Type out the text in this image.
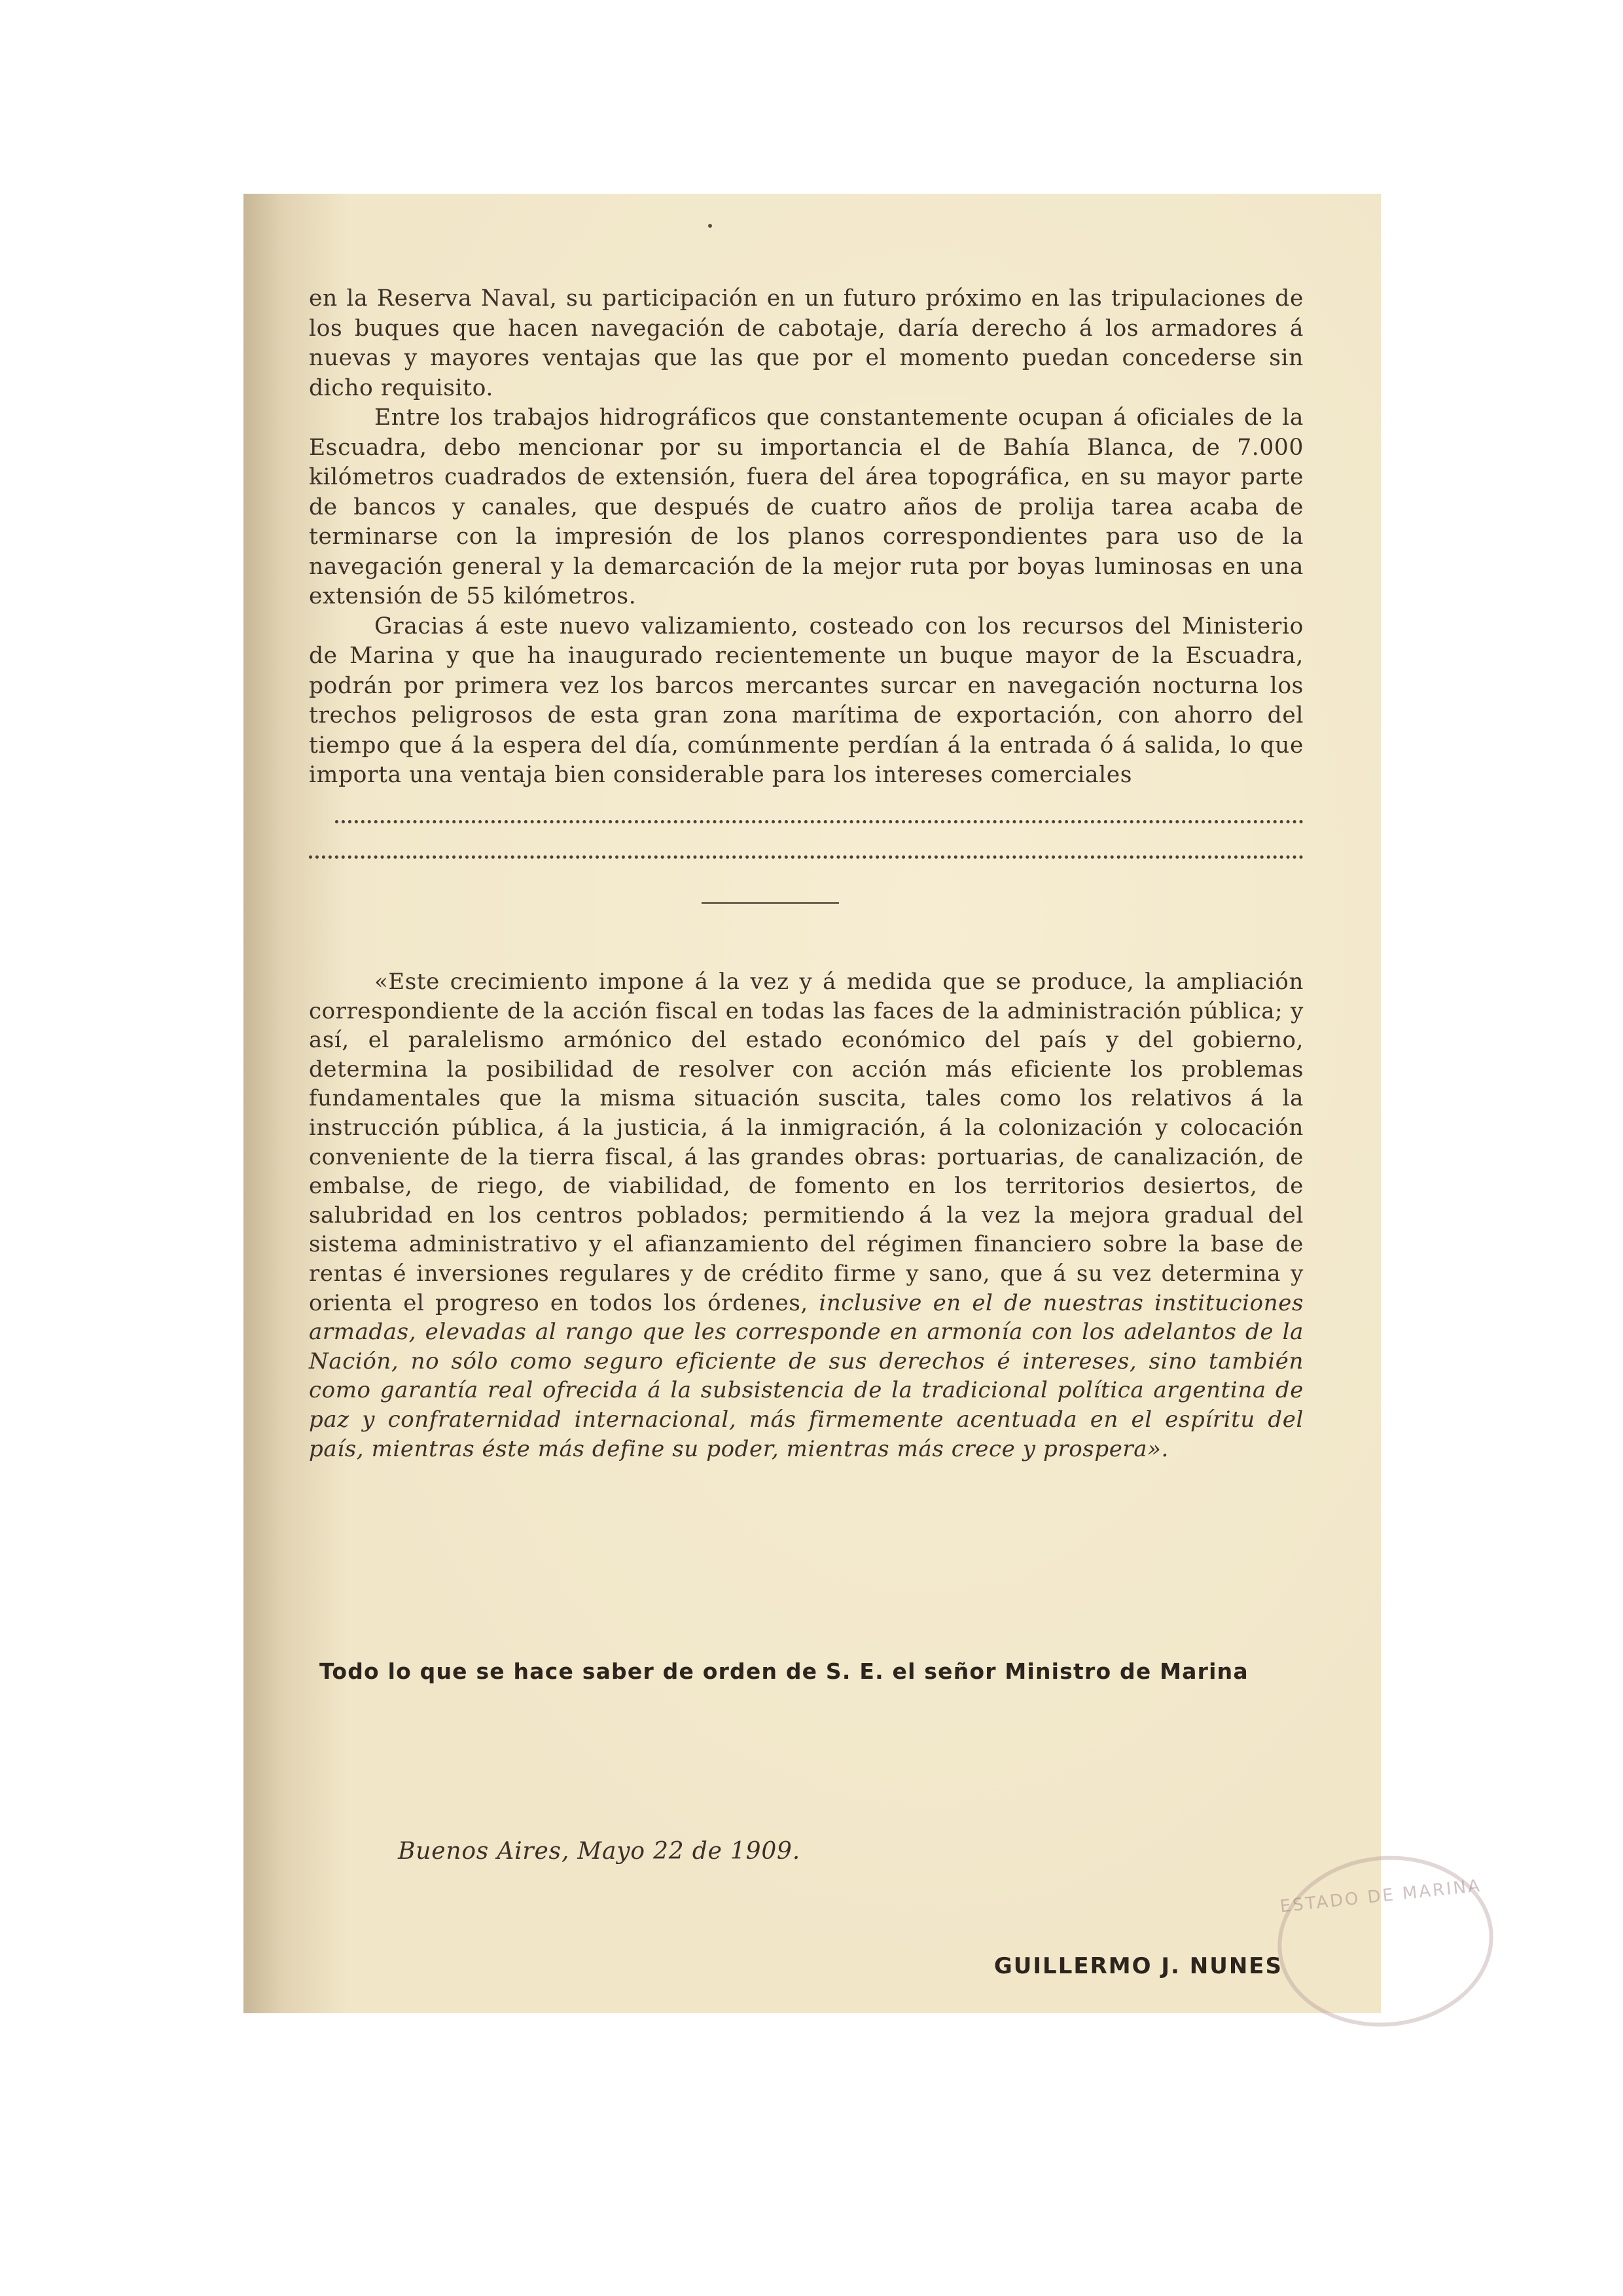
en la Reserva Naval, su participación en un futuro próximo en las tripulaciones de los buques que hacen navegación de cabotaje, daría derecho á los armadores á nuevas y mayores ventajas que las que por el momento puedan concederse sin dicho requisito.

Entre los trabajos hidrográficos que constantemente ocupan á oficiales de la Escuadra, debo mencionar por su importancia el de Bahía Blanca, de 7.000 kilómetros cuadrados de extensión, fuera del área topográfica, en su mayor parte de bancos y canales, que después de cuatro años de prolija tarea acaba de terminarse con la impresión de los planos correspondientes para uso de la navegación general y la demarcación de la mejor ruta por boyas luminosas en una extensión de 55 kilómetros.

Gracias á este nuevo valizamiento, costeado con los recursos del Ministerio de Marina y que ha inaugurado recientemente un buque mayor de la Escuadra, podrán por primera vez los barcos mercantes surcar en navegación nocturna los trechos peligrosos de esta gran zona marítima de exportación, con ahorro del tiempo que á la espera del día, comúnmente perdían á la entrada ó á salida, lo que importa una ventaja bien considerable para los intereses comerciales

«Este crecimiento impone á la vez y á medida que se produce, la ampliación correspondiente de la acción fiscal en todas las faces de la administración pública; y así, el paralelismo armónico del estado económico del país y del gobierno, determina la posibilidad de resolver con acción más eficiente los problemas fundamentales que la misma situación suscita, tales como los relativos á la instrucción pública, á la justicia, á la inmigración, á la colonización y colocación conveniente de la tierra fiscal, á las grandes obras: portuarias, de canalización, de embalse, de riego, de viabilidad, de fomento en los territorios desiertos, de salubridad en los centros poblados; permitiendo á la vez la mejora gradual del sistema administrativo y el afianzamiento del régimen financiero sobre la base de rentas é inversiones regulares y de crédito firme y sano, que á su vez determina y orienta el progreso en todos los órdenes, inclusive en el de nuestras instituciones armadas, elevadas al rango que les corresponde en armonía con los adelantos de la Nación, no sólo como seguro eficiente de sus derechos é intereses, sino también como garantía real ofrecida á la subsistencia de la tradicional política argentina de paz y confraternidad internacional, más firmemente acentuada en el espíritu del país, mientras éste más define su poder, mientras más crece y prospera».

Todo lo que se hace saber de orden de S. E. el señor Ministro de Marina
Buenos Aires, Mayo 22 de 1909.
ESTADO DE MARINA
GUILLERMO J. NUNES
